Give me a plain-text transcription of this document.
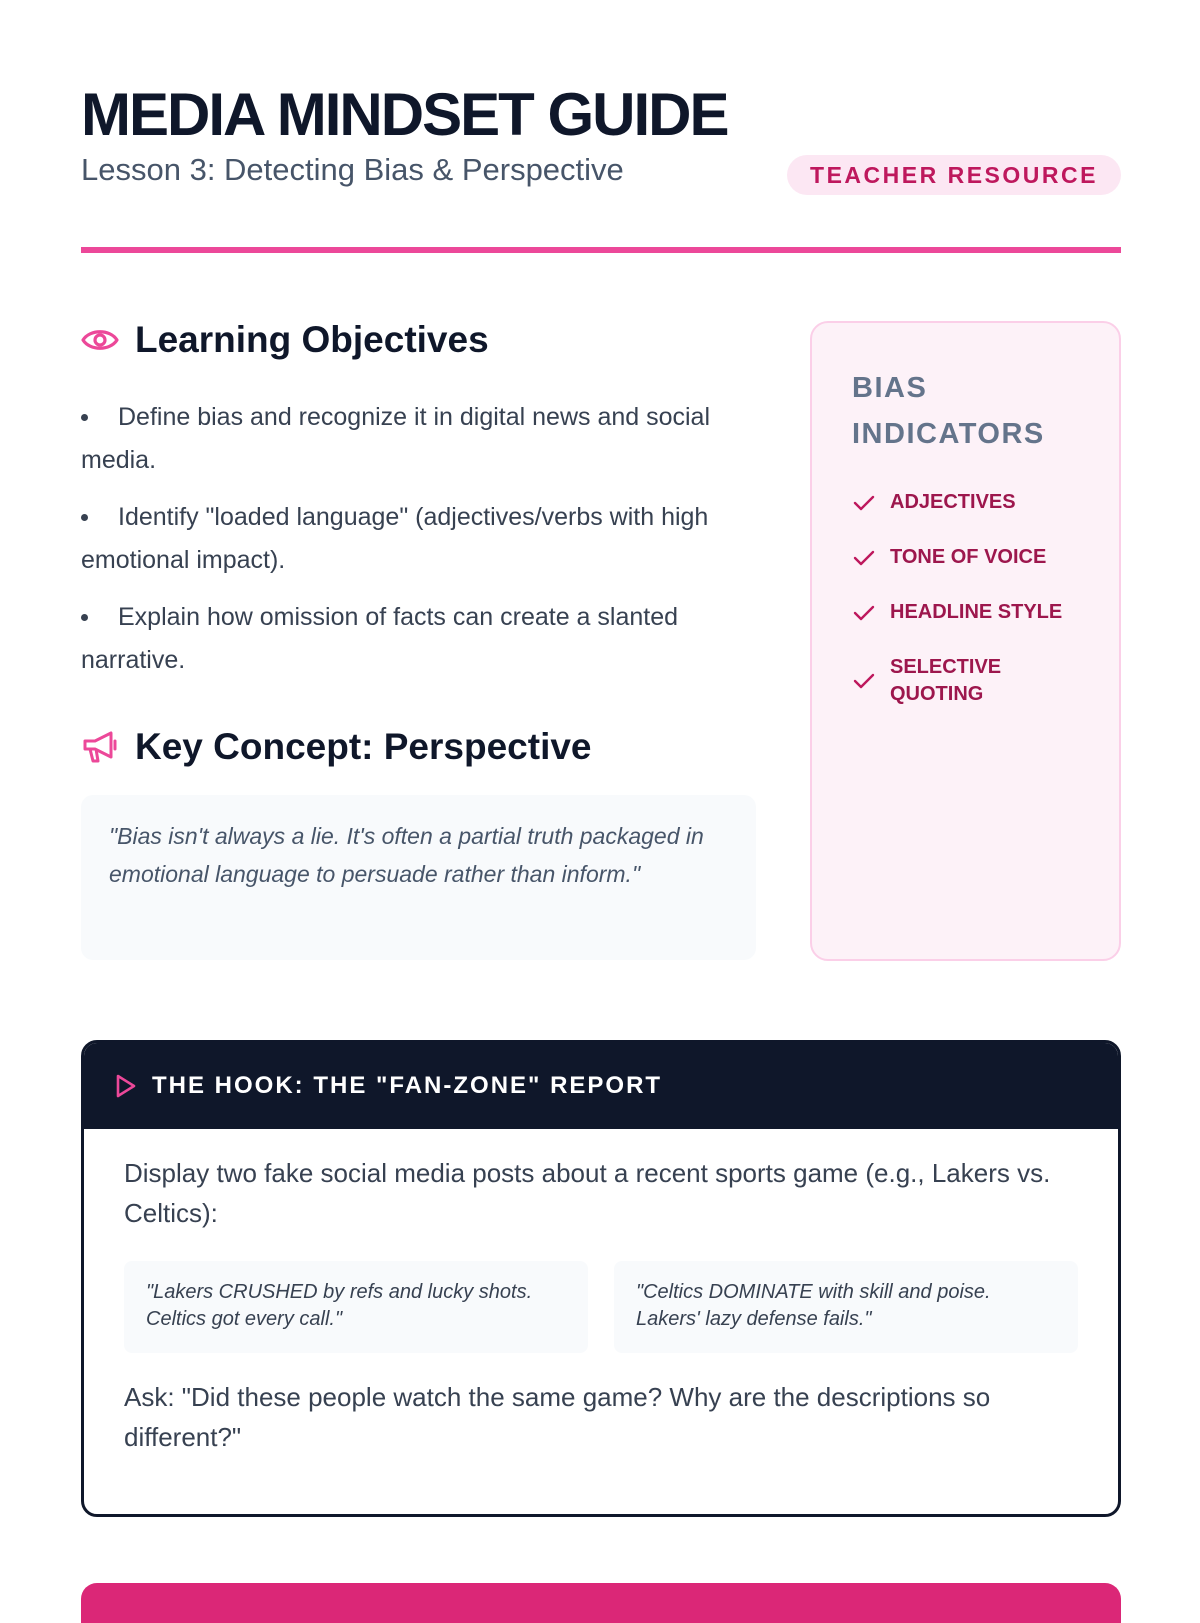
MEDIA MINDSET GUIDE
Lesson 3: Detecting Bias & Perspective	TEACHER RESOURCE
Learning Objectives
Define bias and recognize it in digital news and social media.
Identify "loaded language" (adjectives/verbs with high emotional impact).
Explain how omission of facts can create a slanted narrative.
Key Concept: Perspective

"Bias isn't always a lie. It's often a partial truth packaged in emotional language to persuade rather than inform."

BIAS INDICATORS
ADJECTIVES
TONE OF VOICE
HEADLINE STYLE
SELECTIVE QUOTING
THE HOOK: THE "FAN-ZONE" REPORT

Display two fake social media posts about a recent sports game (e.g., Lakers vs. Celtics):

"Lakers CRUSHED by refs and lucky shots. Celtics got every call."

"Celtics DOMINATE with skill and poise. Lakers' lazy defense fails."

Ask: "Did these people watch the same game? Why are the descriptions so different?"
